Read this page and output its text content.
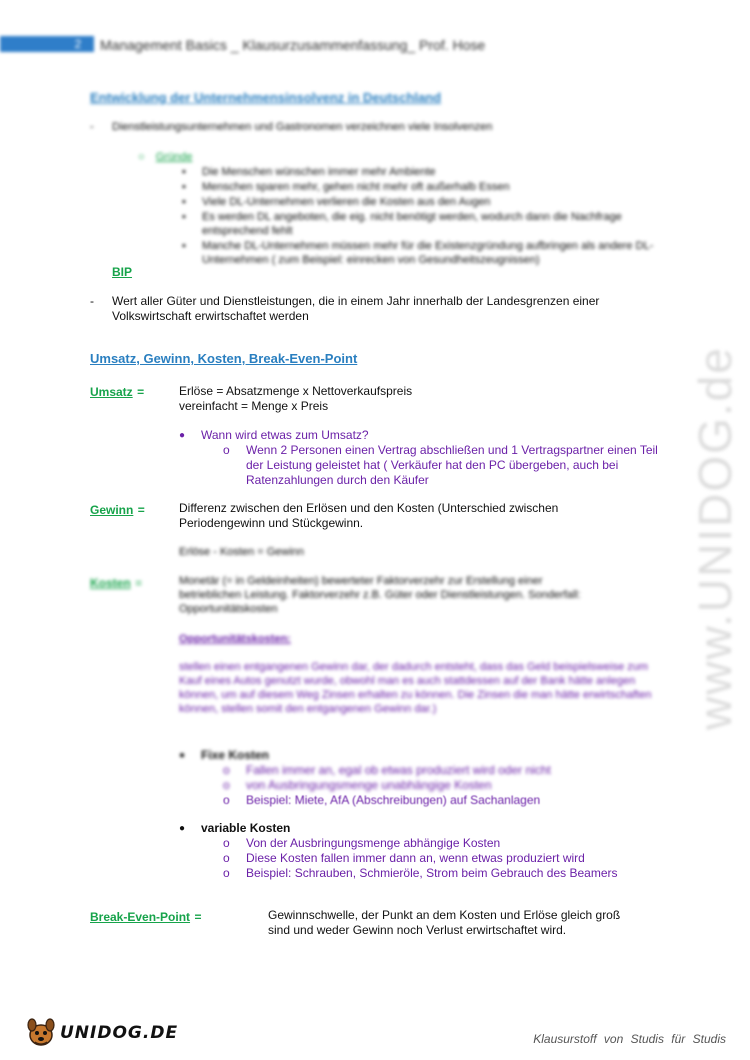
2	Management Basics _ Klausurzusammenfassung_ Prof. Hose
Entwicklung der Unternehmensinsolvenz in Deutschland
- Dienstleistungsunternehmen und Gastronomen verzeichnen viele Insolvenzen
○ Gründe
▪ Die Menschen wünschen immer mehr Ambiente
▪ Menschen sparen mehr, gehen nicht mehr oft außerhalb Essen
▪ Viele DL-Unternehmen verlieren die Kosten aus den Augen
▪ Es werden DL angeboten, die eig. nicht benötigt werden, wodurch dann die Nachfrage entsprechend fehlt
▪ Manche DL-Unternehmen müssen mehr für die Existenzgründung aufbringen als andere DL-Unternehmen ( zum Beispiel: einrecken von Gesundheitszeugnissen)
BIP
- Wert aller Güter und Dienstleistungen, die in einem Jahr innerhalb der Landesgrenzen einer Volkswirtschaft erwirtschaftet werden
Umsatz, Gewinn, Kosten, Break-Even-Point
Umsatz =	Erlöse = Absatzmenge x Nettoverkaufspreis
vereinfacht = Menge x Preis
● Wann wird etwas zum Umsatz?
o Wenn 2 Personen einen Vertrag abschließen und 1 Vertragspartner einen Teil der Leistung geleistet hat ( Verkäufer hat den PC übergeben, auch bei Ratenzahlungen durch den Käufer
Gewinn =	Differenz zwischen den Erlösen und den Kosten (Unterschied zwischen Periodengewinn und Stückgewinn.
Erlöse - Kosten = Gewinn
Kosten =	Monetär (= in Geldeinheiten) bewerteter Faktorverzehr zur Erstellung einer betrieblichen Leistung. Faktorverzehr z.B. Güter oder Dienstleistungen. Sonderfall: Opportunitätskosten
Opportunitätskosten:
stellen einen entgangenen Gewinn dar, der dadurch entsteht, dass das Geld beispielsweise zum Kauf eines Autos genutzt wurde, obwohl man es auch stattdessen auf der Bank hätte anlegen können, um auf diesem Weg Zinsen erhalten zu können. Die Zinsen die man hätte erwirtschaften können, stellen somit den entgangenen Gewinn dar.)
● Fixe Kosten
o Fallen immer an, egal ob etwas produziert wird oder nicht
o von Ausbringungsmenge unabhängige Kosten
o Beispiel: Miete, AfA (Abschreibungen) auf Sachanlagen
● variable Kosten
o Von der Ausbringungsmenge abhängige Kosten
o Diese Kosten fallen immer dann an, wenn etwas produziert wird
o Beispiel: Schrauben, Schmieröle, Strom beim Gebrauch des Beamers
Break-Even-Point =	Gewinnschwelle, der Punkt an dem Kosten und Erlöse gleich groß sind und weder Gewinn noch Verlust erwirtschaftet wird.
www.UNIDOG.de
UNIDOG.DE	Klausurstoff von Studis für Studis
